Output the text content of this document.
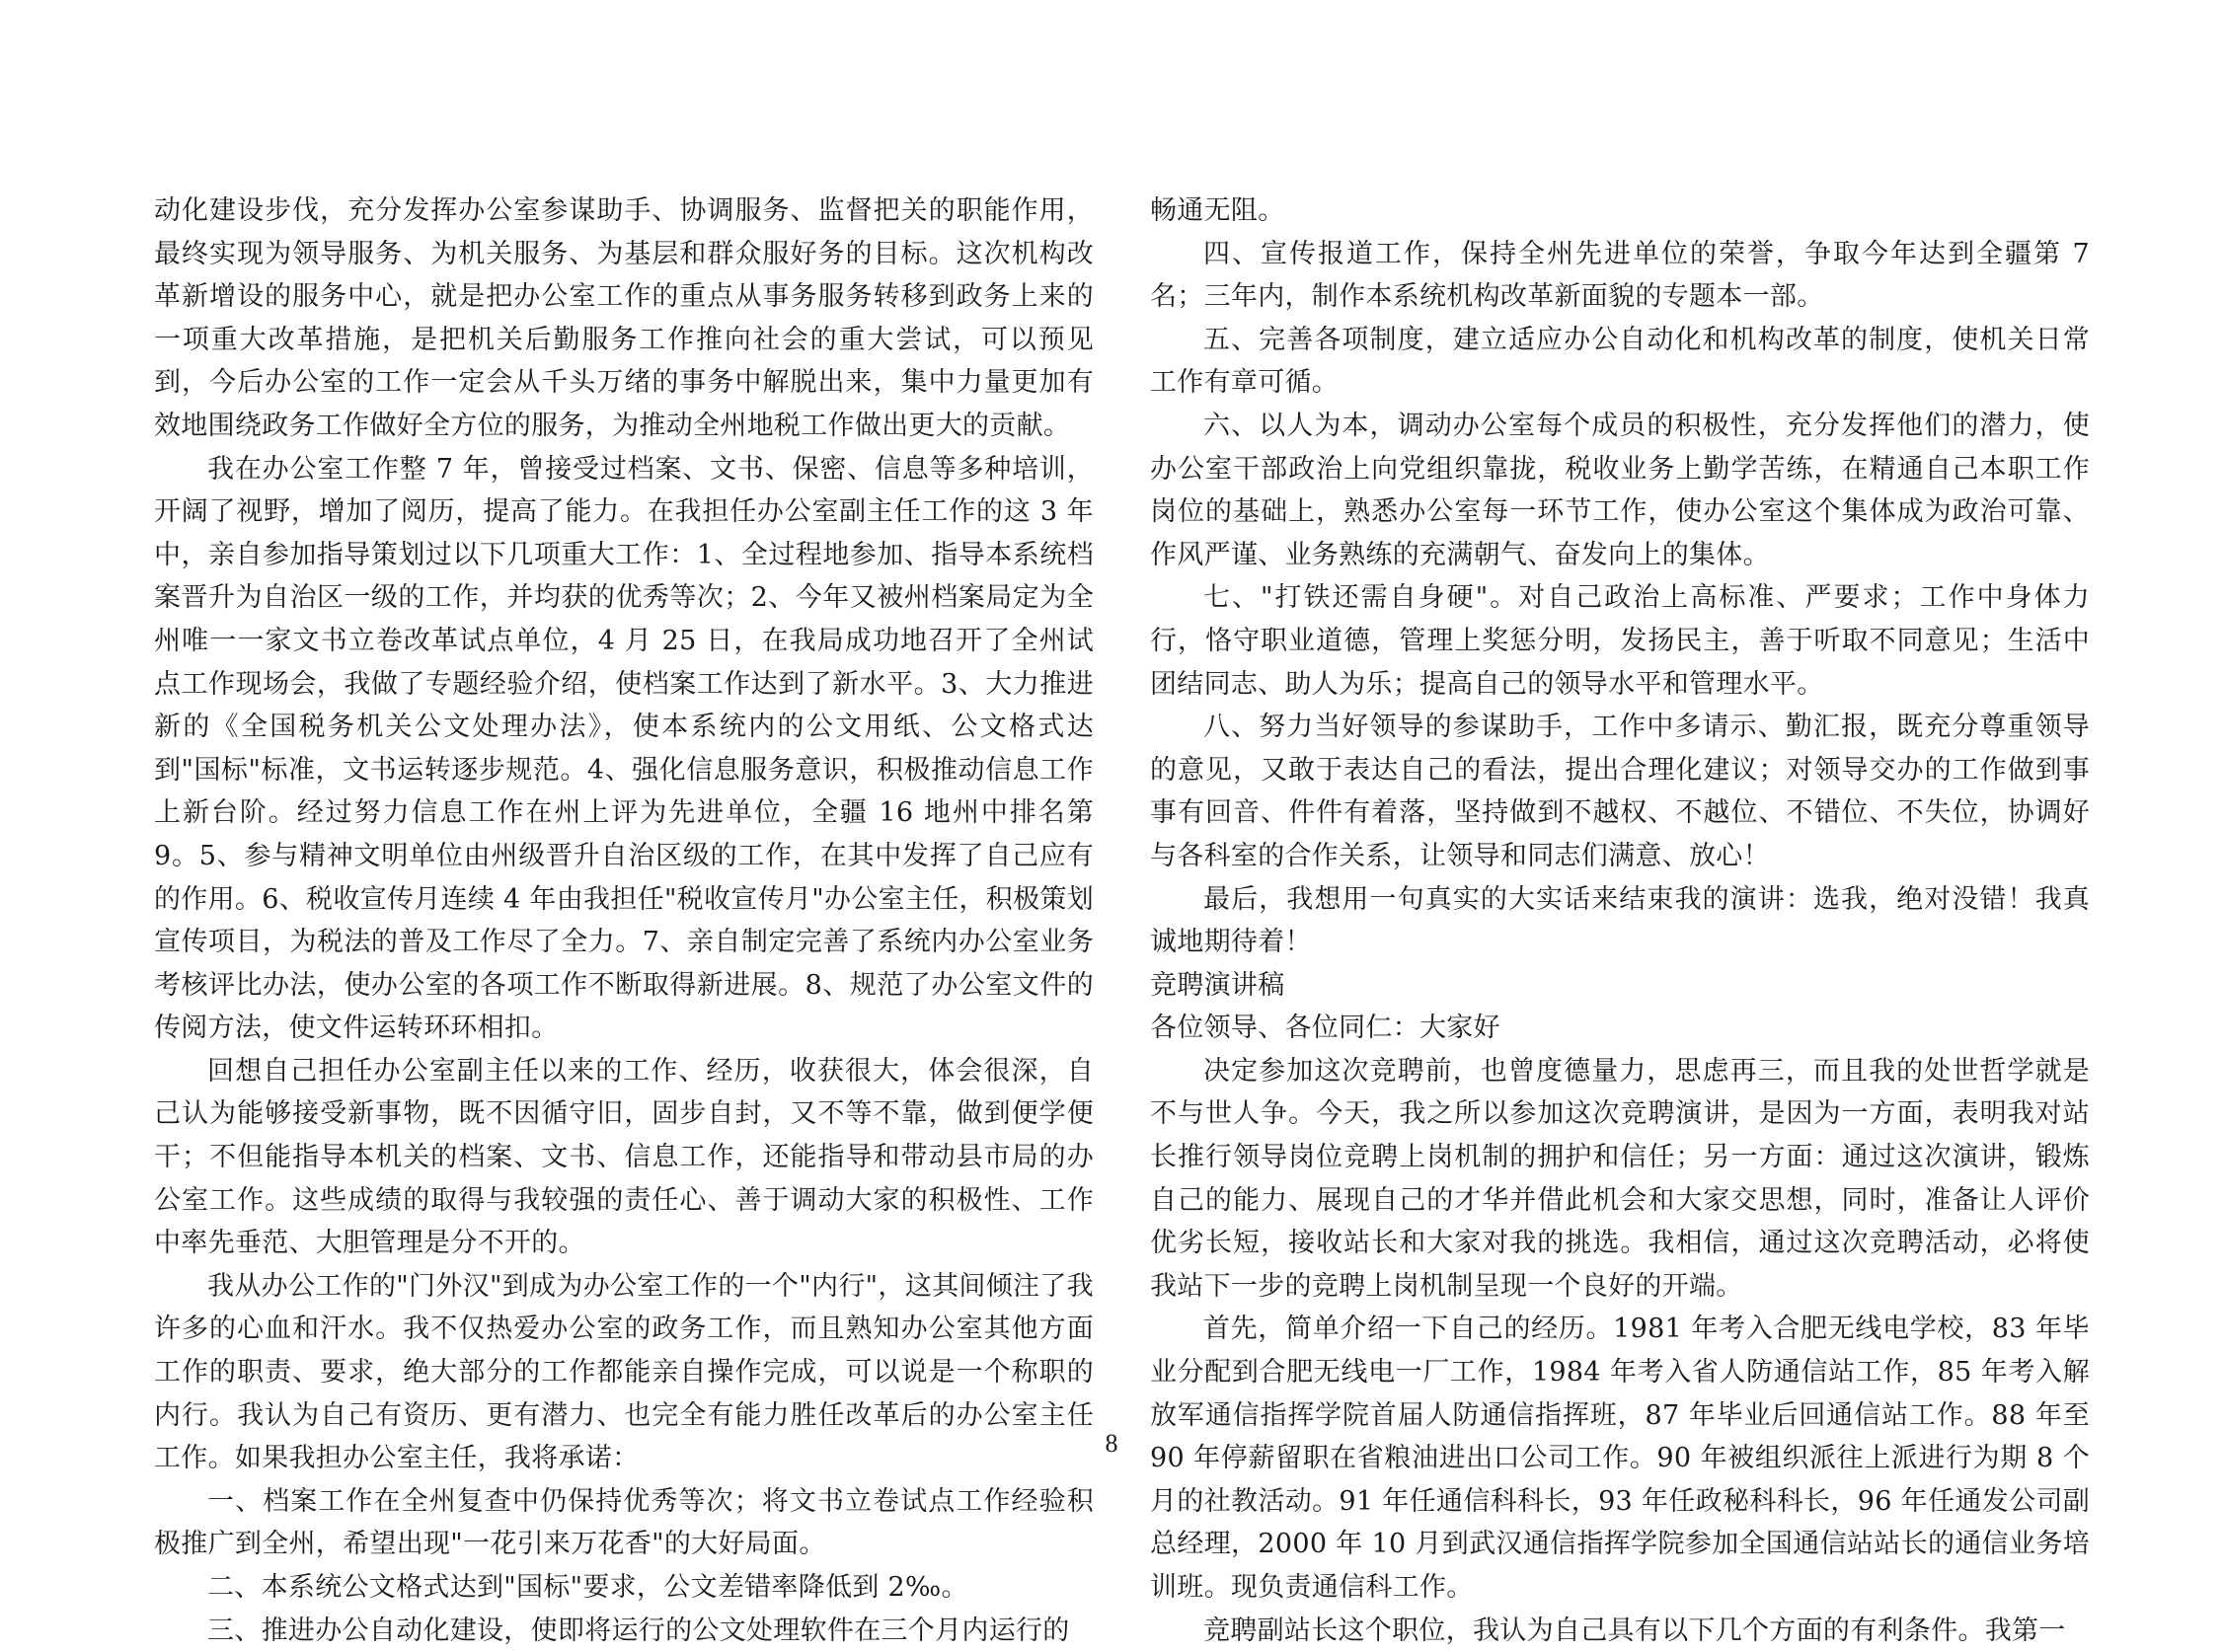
动化建设步伐，充分发挥办公室参谋助手、协调服务、监督把关的职能作用，最终实现为领导服务、为机关服务、为基层和群众服好务的目标。这次机构改革新增设的服务中心，就是把办公室工作的重点从事务服务转移到政务上来的一项重大改革措施，是把机关后勤服务工作推向社会的重大尝试，可以预见到，今后办公室的工作一定会从千头万绪的事务中解脱出来，集中力量更加有效地围绕政务工作做好全方位的服务，为推动全州地税工作做出更大的贡献。

我在办公室工作整 7 年，曾接受过档案、文书、保密、信息等多种培训，开阔了视野，增加了阅历，提高了能力。在我担任办公室副主任工作的这 3 年中，亲自参加指导策划过以下几项重大工作：1、全过程地参加、指导本系统档案晋升为自治区一级的工作，并均获的优秀等次；2、今年又被州档案局定为全州唯一一家文书立卷改革试点单位，4 月 25 日，在我局成功地召开了全州试点工作现场会，我做了专题经验介绍，使档案工作达到了新水平。3、大力推进新的《全国税务机关公文处理办法》，使本系统内的公文用纸、公文格式达到"国标"标准，文书运转逐步规范。4、强化信息服务意识，积极推动信息工作上新台阶。经过努力信息工作在州上评为先进单位，全疆 16 地州中排名第 9。5、参与精神文明单位由州级晋升自治区级的工作，在其中发挥了自己应有的作用。6、税收宣传月连续 4 年由我担任"税收宣传月"办公室主任，积极策划宣传项目，为税法的普及工作尽了全力。7、亲自制定完善了系统内办公室业务考核评比办法，使办公室的各项工作不断取得新进展。8、规范了办公室文件的传阅方法，使文件运转环环相扣。

回想自己担任办公室副主任以来的工作、经历，收获很大，体会很深，自己认为能够接受新事物，既不因循守旧，固步自封，又不等不靠，做到便学便干；不但能指导本机关的档案、文书、信息工作，还能指导和带动县市局的办公室工作。这些成绩的取得与我较强的责任心、善于调动大家的积极性、工作中率先垂范、大胆管理是分不开的。

我从办公工作的"门外汉"到成为办公室工作的一个"内行"，这其间倾注了我许多的心血和汗水。我不仅热爱办公室的政务工作，而且熟知办公室其他方面工作的职责、要求，绝大部分的工作都能亲自操作完成，可以说是一个称职的内行。我认为自己有资历、更有潜力、也完全有能力胜任改革后的办公室主任工作。如果我担办公室主任，我将承诺：

一、档案工作在全州复查中仍保持优秀等次；将文书立卷试点工作经验积极推广到全州，希望出现"一花引来万花香"的大好局面。

二、本系统公文格式达到"国标"要求，公文差错率降低到 2‰。

三、推进办公自动化建设，使即将运行的公文处理软件在三个月内运行的

畅通无阻。

四、宣传报道工作，保持全州先进单位的荣誉，争取今年达到全疆第 7 名；三年内，制作本系统机构改革新面貌的专题本一部。

五、完善各项制度，建立适应办公自动化和机构改革的制度，使机关日常工作有章可循。

六、以人为本，调动办公室每个成员的积极性，充分发挥他们的潜力，使办公室干部政治上向党组织靠拢，税收业务上勤学苦练，在精通自己本职工作岗位的基础上，熟悉办公室每一环节工作，使办公室这个集体成为政治可靠、作风严谨、业务熟练的充满朝气、奋发向上的集体。

七、"打铁还需自身硬"。对自己政治上高标准、严要求；工作中身体力行，恪守职业道德，管理上奖惩分明，发扬民主，善于听取不同意见；生活中团结同志、助人为乐；提高自己的领导水平和管理水平。

八、努力当好领导的参谋助手，工作中多请示、勤汇报，既充分尊重领导的意见，又敢于表达自己的看法，提出合理化建议；对领导交办的工作做到事事有回音、件件有着落，坚持做到不越权、不越位、不错位、不失位，协调好与各科室的合作关系，让领导和同志们满意、放心！

最后，我想用一句真实的大实话来结束我的演讲：选我，绝对没错！我真诚地期待着！

竞聘演讲稿

各位领导、各位同仁：大家好

决定参加这次竞聘前，也曾度德量力，思虑再三，而且我的处世哲学就是不与世人争。今天，我之所以参加这次竞聘演讲，是因为一方面，表明我对站长推行领导岗位竞聘上岗机制的拥护和信任；另一方面：通过这次演讲，锻炼自己的能力、展现自己的才华并借此机会和大家交思想，同时，准备让人评价优劣长短，接收站长和大家对我的挑选。我相信，通过这次竞聘活动，必将使我站下一步的竞聘上岗机制呈现一个良好的开端。

首先，简单介绍一下自己的经历。1981 年考入合肥无线电学校，83 年毕业分配到合肥无线电一厂工作，1984 年考入省人防通信站工作，85 年考入解放军通信指挥学院首届人防通信指挥班，87 年毕业后回通信站工作。88 年至 90 年停薪留职在省粮油进出口公司工作。90 年被组织派往上派进行为期 8 个月的社教活动。91 年任通信科科长，93 年任政秘科科长，96 年任通发公司副总经理，2000 年 10 月到武汉通信指挥学院参加全国通信站站长的通信业务培训班。现负责通信科工作。

竞聘副站长这个职位，我认为自己具有以下几个方面的有利条件。我第一

8
